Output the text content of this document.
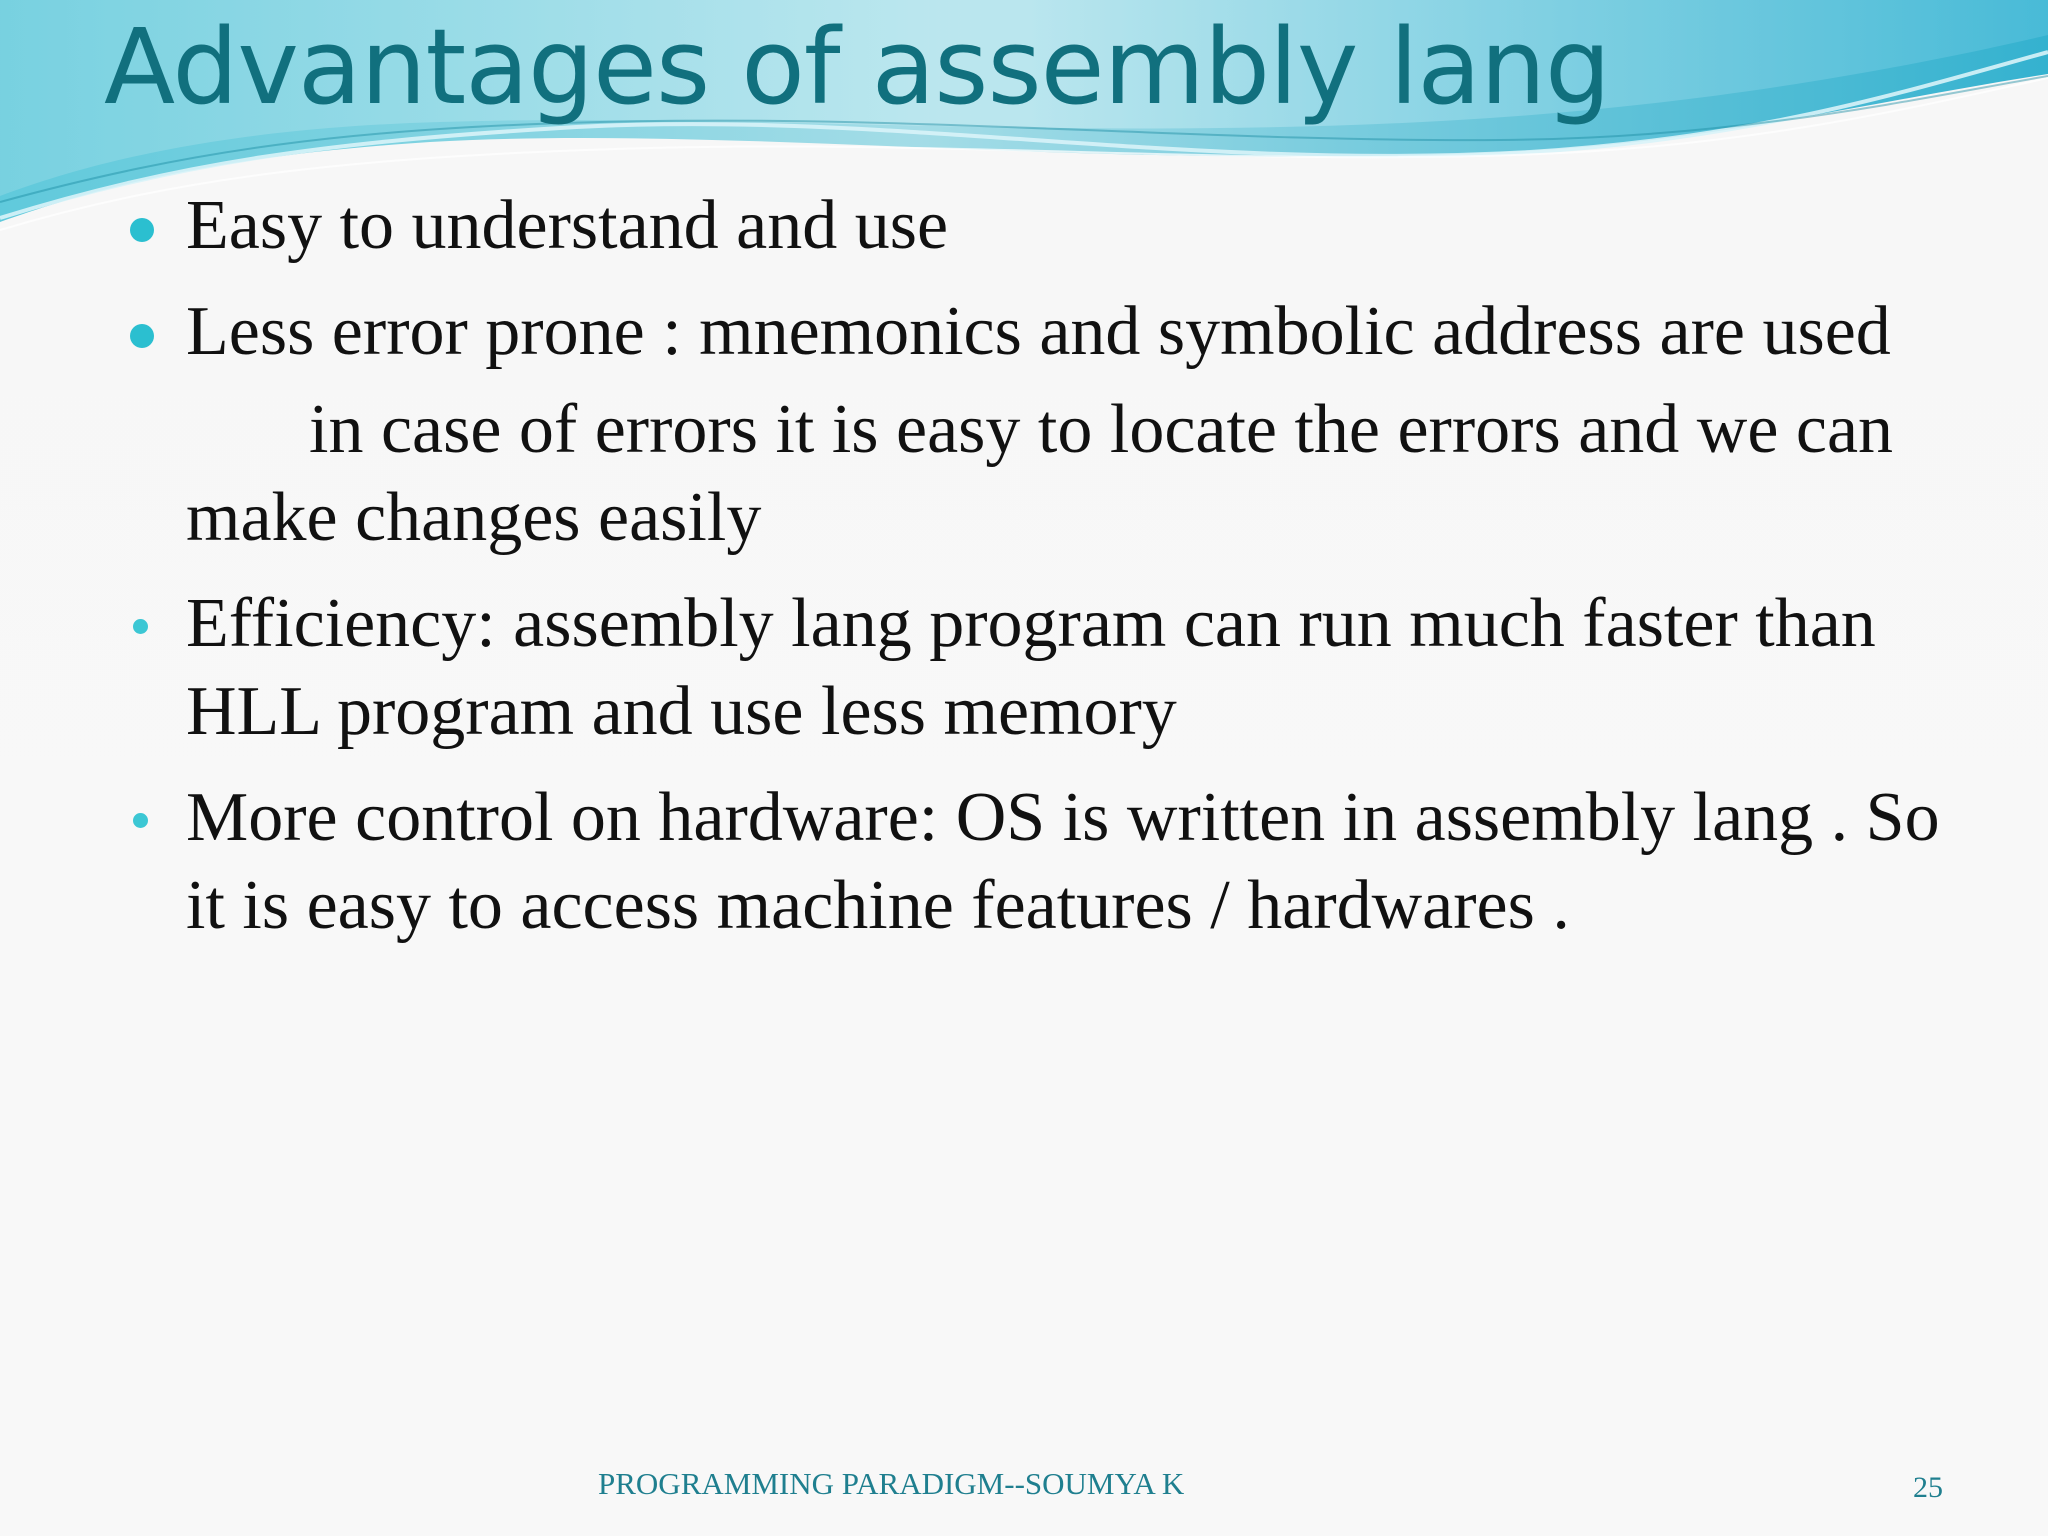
Advantages of assembly lang
Easy to understand and use
Less error prone : mnemonics and symbolic address are used
in case of errors it is easy to locate the errors and we can make changes easily
Efficiency: assembly lang program can run much faster than HLL program and use less memory
More control on hardware: OS is written in assembly lang . So it is easy to access machine features / hardwares .
PROGRAMMING PARADIGM--SOUMYA K	25
